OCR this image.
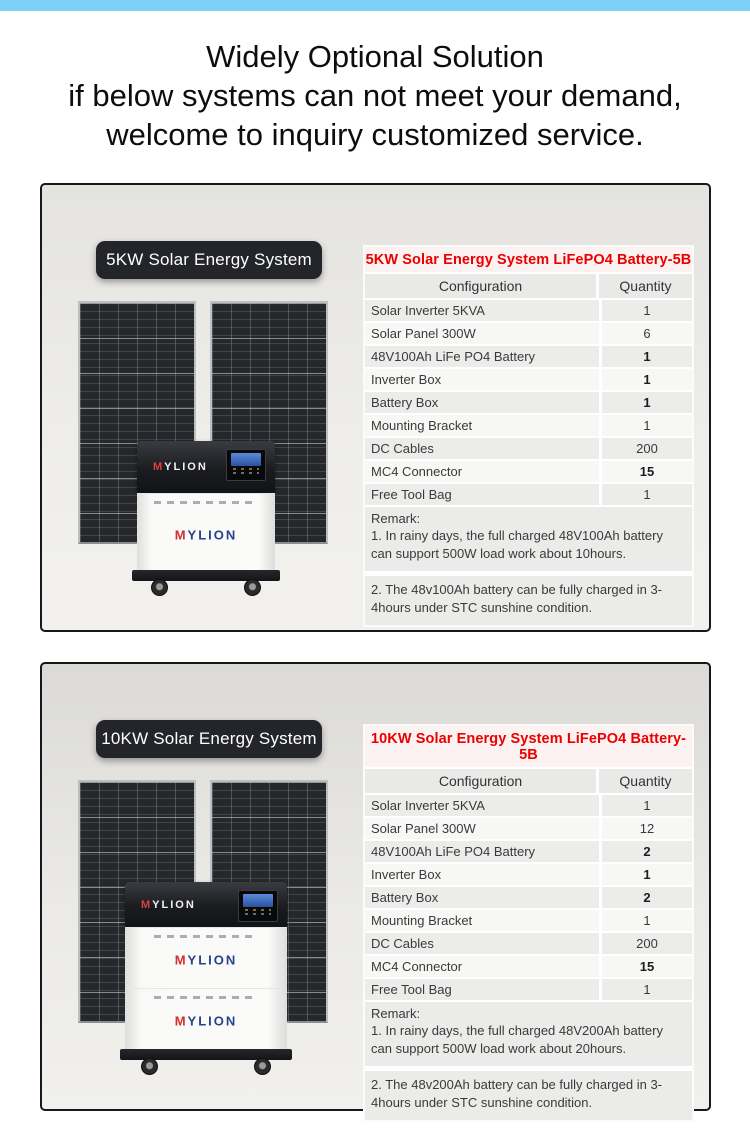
Widely Optional Solution
if below systems can not meet your demand,
welcome to inquiry customized service.
5KW Solar Energy System
MYLION
MYLION
5KW Solar Energy System LiFePO4 Battery-5B
Configuration	Quantity
Solar Inverter 5KVA	1
Solar Panel 300W	6
48V100Ah LiFe PO4 Battery	1
Inverter Box	1
Battery Box	1
Mounting Bracket	1
DC Cables	200
MC4 Connector	15
Free Tool Bag	1
Remark:
1. In rainy days, the full charged 48V100Ah battery can support 500W load work about 10hours.
2. The 48v100Ah battery can be fully charged in 3-4hours under STC sunshine condition.
10KW Solar Energy System
MYLION
MYLION
MYLION
10KW Solar Energy System LiFePO4 Battery-5B
Configuration	Quantity
Solar Inverter 5KVA	1
Solar Panel 300W	12
48V100Ah LiFe PO4 Battery	2
Inverter Box	1
Battery Box	2
Mounting Bracket	1
DC Cables	200
MC4 Connector	15
Free Tool Bag	1
Remark:
1. In rainy days, the full charged 48V200Ah battery can support 500W load work about 20hours.
2. The 48v200Ah battery can be fully charged in 3-4hours under STC sunshine condition.
